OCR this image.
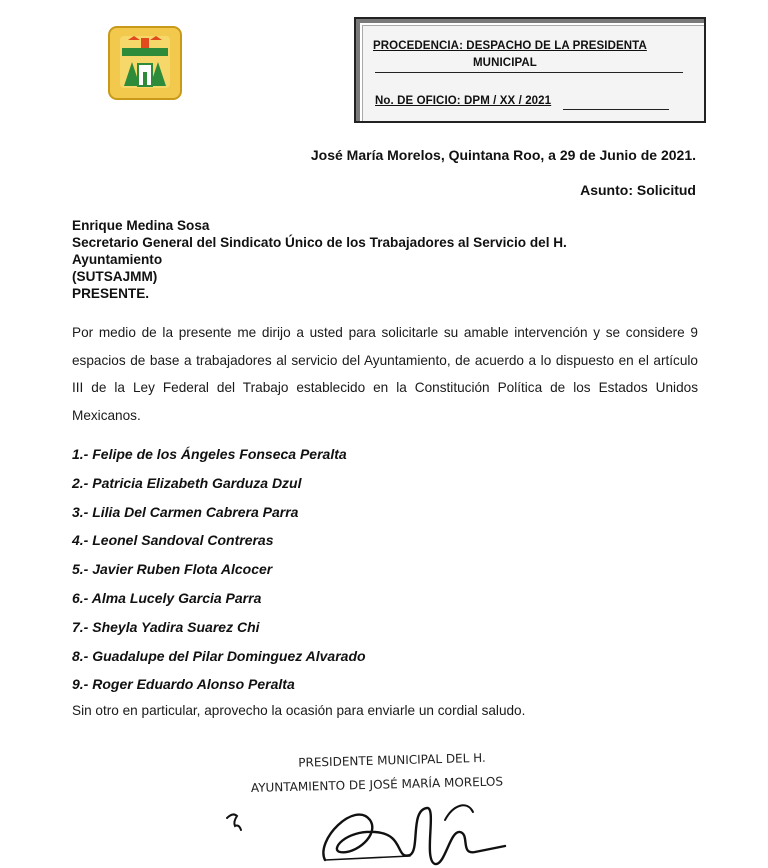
PROCEDENCIA: DESPACHO DE LA PRESIDENTA
MUNICIPAL
No. DE OFICIO: DPM / XX / 2021
José María Morelos, Quintana Roo, a 29 de Junio de 2021.
Asunto: Solicitud
Enrique Medina Sosa
Secretario General del Sindicato Único de los Trabajadores al Servicio del H.
Ayuntamiento
(SUTSAJMM)
PRESENTE.
Por medio de la presente me dirijo a usted para solicitarle su amable intervención y se considere 9 espacios de base a trabajadores al servicio del Ayuntamiento, de acuerdo a lo dispuesto en el artículo III de la Ley Federal del Trabajo establecido en la Constitución Política de los Estados Unidos Mexicanos.
1.- Felipe de los Ángeles Fonseca Peralta
2.- Patricia Elizabeth Garduza Dzul
3.- Lilia Del Carmen Cabrera Parra
4.- Leonel Sandoval Contreras
5.- Javier Ruben Flota Alcocer
6.- Alma Lucely Garcia Parra
7.- Sheyla Yadira Suarez Chi
8.- Guadalupe del Pilar Dominguez Alvarado
9.- Roger Eduardo Alonso Peralta
Sin otro en particular, aprovecho la ocasión para enviarle un cordial saludo.
PRESIDENTE MUNICIPAL DEL H.
AYUNTAMIENTO DE JOSÉ MARÍA MORELOS
